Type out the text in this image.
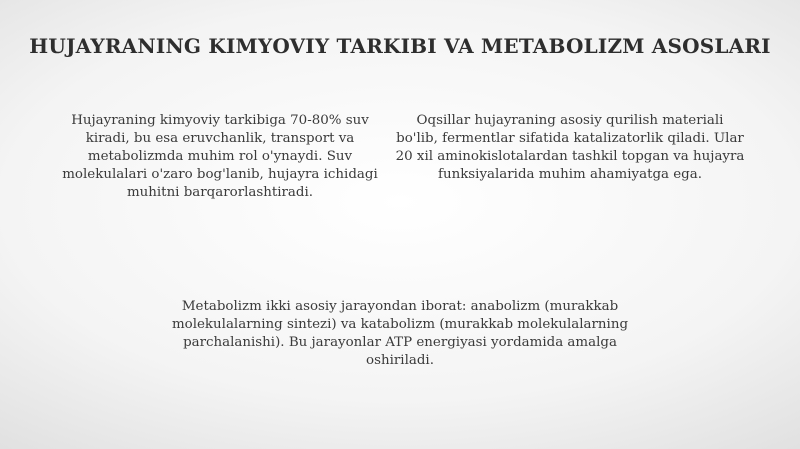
HUJAYRANING KIMYOVIY TARKIBI VA METABOLIZM ASOSLARI
Hujayraning kimyoviy tarkibiga 70-80% suv kiradi, bu esa eruvchanlik, transport va metabolizmda muhim rol o'ynaydi. Suv molekulalari o'zaro bog'lanib, hujayra ichidagi muhitni barqarorlashtiradi.
Oqsillar hujayraning asosiy qurilish materiali bo'lib, fermentlar sifatida katalizatorlik qiladi. Ular 20 xil aminokislotalardan tashkil topgan va hujayra funksiyalarida muhim ahamiyatga ega.
Metabolizm ikki asosiy jarayondan iborat: anabolizm (murakkab molekulalarning sintezi) va katabolizm (murakkab molekulalarning parchalanishi). Bu jarayonlar ATP energiyasi yordamida amalga oshiriladi.
